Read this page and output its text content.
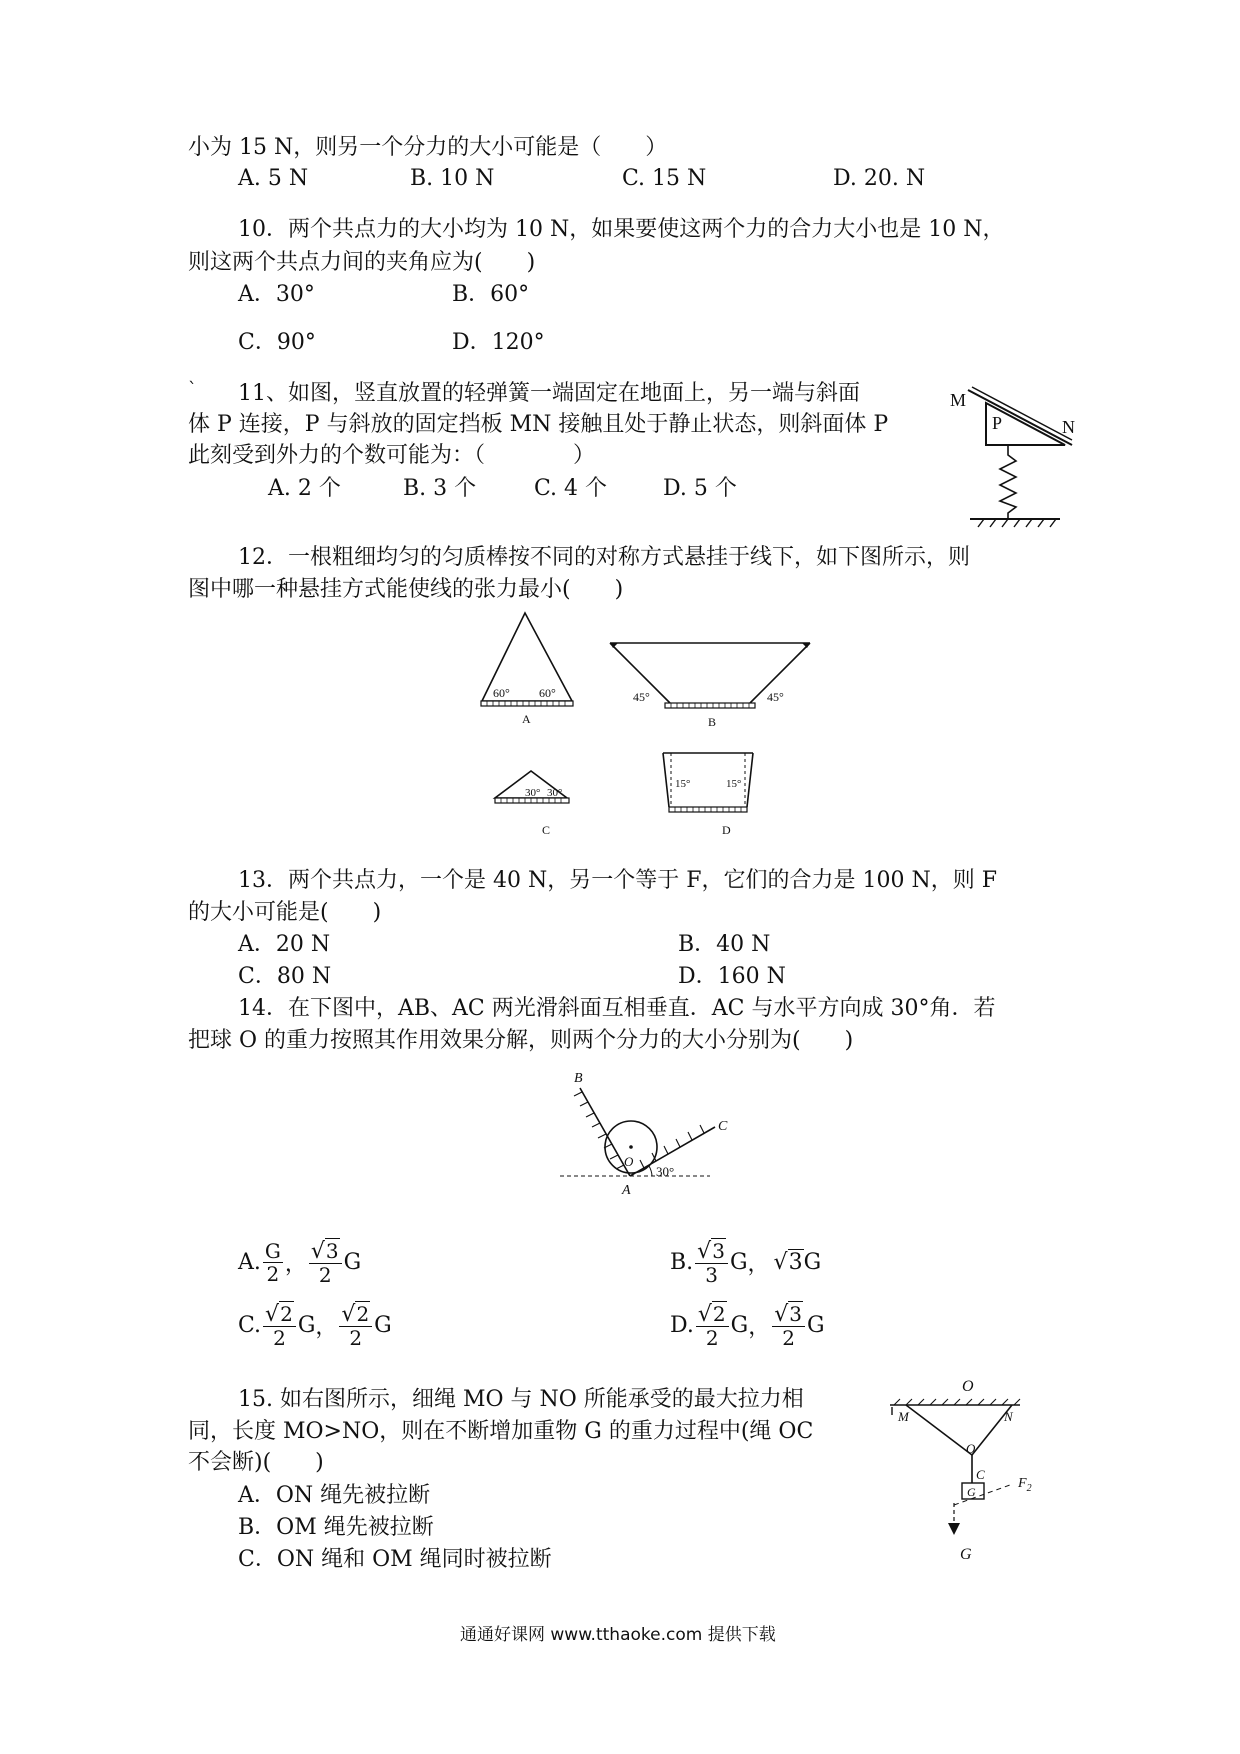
小为 15 N，则另一个分力的大小可能是（　　）
A. 5 N	B. 10 N	C. 15 N	D. 20. N
10．两个共点力的大小均为 10 N，如果要使这两个力的合力大小也是 10 N，
则这两个共点力间的夹角应为(　　)
A．30°	B．60°
C．90°	D．120°
` 11、如图，竖直放置的轻弹簧一端固定在地面上，另一端与斜面
体 P 连接，P 与斜放的固定挡板 MN 接触且处于静止状态，则斜面体 P
此刻受到外力的个数可能为：（　　　　）
A. 2 个	B. 3 个	C. 4 个	D. 5 个
M
P	N
12．一根粗细均匀的匀质棒按不同的对称方式悬挂于线下，如下图所示，则
图中哪一种悬挂方式能使线的张力最小(　　)
60° 60°
A
45°	45°
B
30° 30°
C
15°	15°
D
13．两个共点力，一个是 40 N，另一个等于 F，它们的合力是 100 N，则 F
的大小可能是(　　)
A．20 N	B．40 N
C．80 N	D．160 N
14．在下图中，AB、AC 两光滑斜面互相垂直．AC 与水平方向成 30°角．若
把球 O 的重力按照其作用效果分解，则两个分力的大小分别为(　　)
B
C
O
A
30°
A. $\frac{G}{2}$ ， $\frac{√3}{2}$ G	B. $\frac{√3}{3}$ G ， √3 G
C. $\frac{√2}{2}$ G ， $\frac{√2}{2}$ G	D. $\frac{√2}{2}$ G ， $\frac{√3}{2}$ G
15. 如右图所示，细绳 MO 与 NO 所能承受的最大拉力相
同，长度 MO>NO，则在不断增加重物 G 的重力过程中(绳 OC
不会断)(　　)
A．ON 绳先被拉断
B．OM 绳先被拉断
C．ON 绳和 OM 绳同时被拉断
O
M	N
O
C
G
$F_2$
G
通通好课网 www.tthaoke.com 提供下载
